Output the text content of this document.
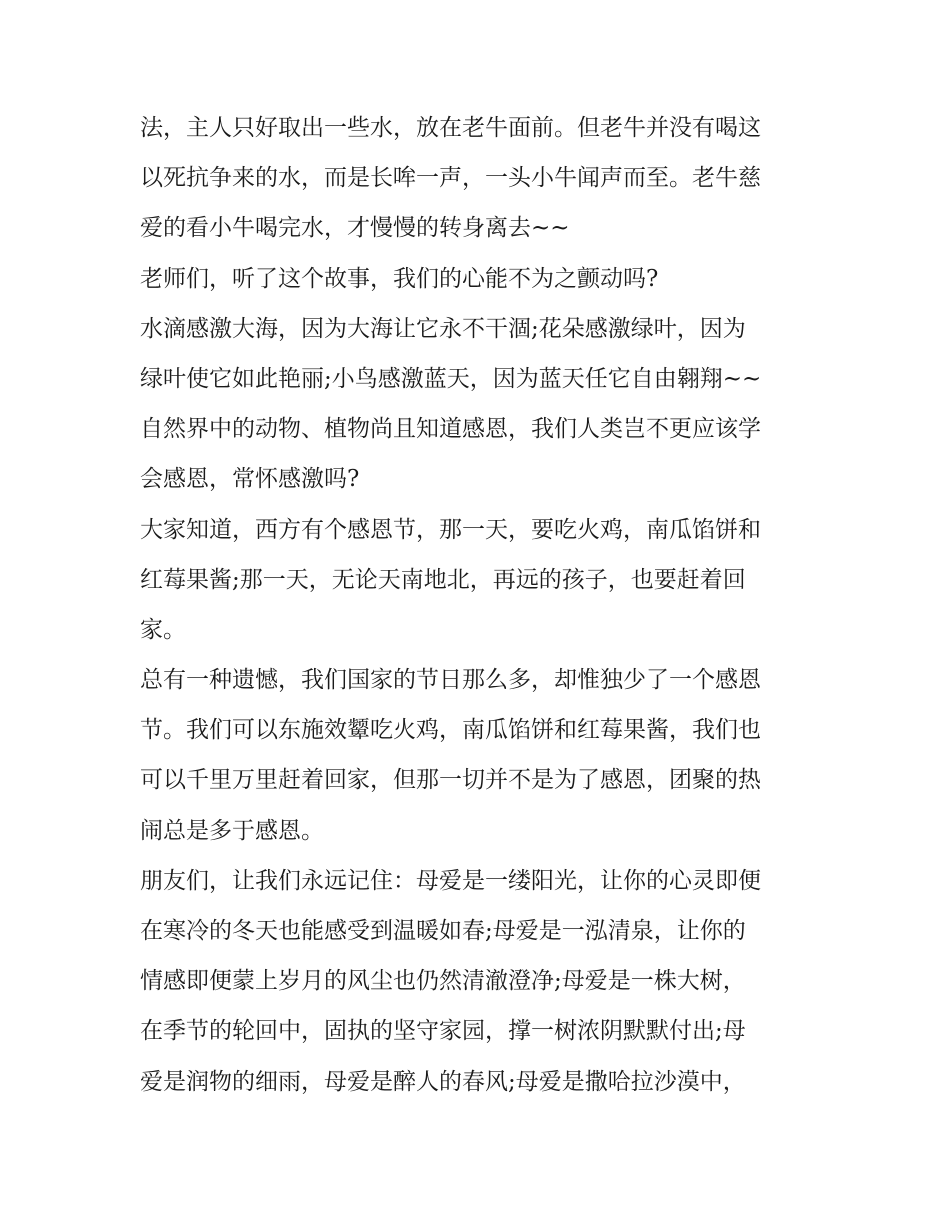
法，主人只好取出一些水，放在老牛面前。但老牛并没有喝这
以死抗争来的水，而是长哞一声，一头小牛闻声而至。老牛慈
爱的看小牛喝完水，才慢慢的转身离去~~
老师们，听了这个故事，我们的心能不为之颤动吗?
水滴感激大海，因为大海让它永不干涸;花朵感激绿叶，因为
绿叶使它如此艳丽;小鸟感激蓝天，因为蓝天任它自由翱翔~~
自然界中的动物、植物尚且知道感恩，我们人类岂不更应该学
会感恩，常怀感激吗?
大家知道，西方有个感恩节，那一天，要吃火鸡，南瓜馅饼和
红莓果酱;那一天，无论天南地北，再远的孩子，也要赶着回
家。
总有一种遗憾，我们国家的节日那么多，却惟独少了一个感恩
节。我们可以东施效颦吃火鸡，南瓜馅饼和红莓果酱，我们也
可以千里万里赶着回家，但那一切并不是为了感恩，团聚的热
闹总是多于感恩。
朋友们，让我们永远记住：母爱是一缕阳光，让你的心灵即便
在寒冷的冬天也能感受到温暖如春;母爱是一泓清泉，让你的
情感即便蒙上岁月的风尘也仍然清澈澄净;母爱是一株大树，
在季节的轮回中，固执的坚守家园，撑一树浓阴默默付出;母
爱是润物的细雨，母爱是醉人的春风;母爱是撒哈拉沙漠中，
